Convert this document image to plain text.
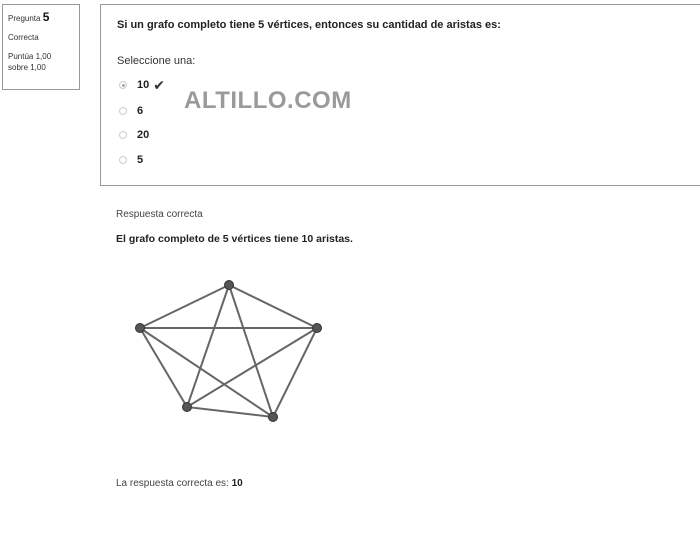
Pregunta 5
Correcta
Puntúa 1,00
sobre 1,00
Si un grafo completo tiene 5 vértices, entonces su cantidad de aristas es:
Seleccione una:
10 ✔
6
20
5
ALTILLO.COM
Respuesta correcta
El grafo completo de 5 vértices tiene 10 aristas.
La respuesta correcta es: 10
